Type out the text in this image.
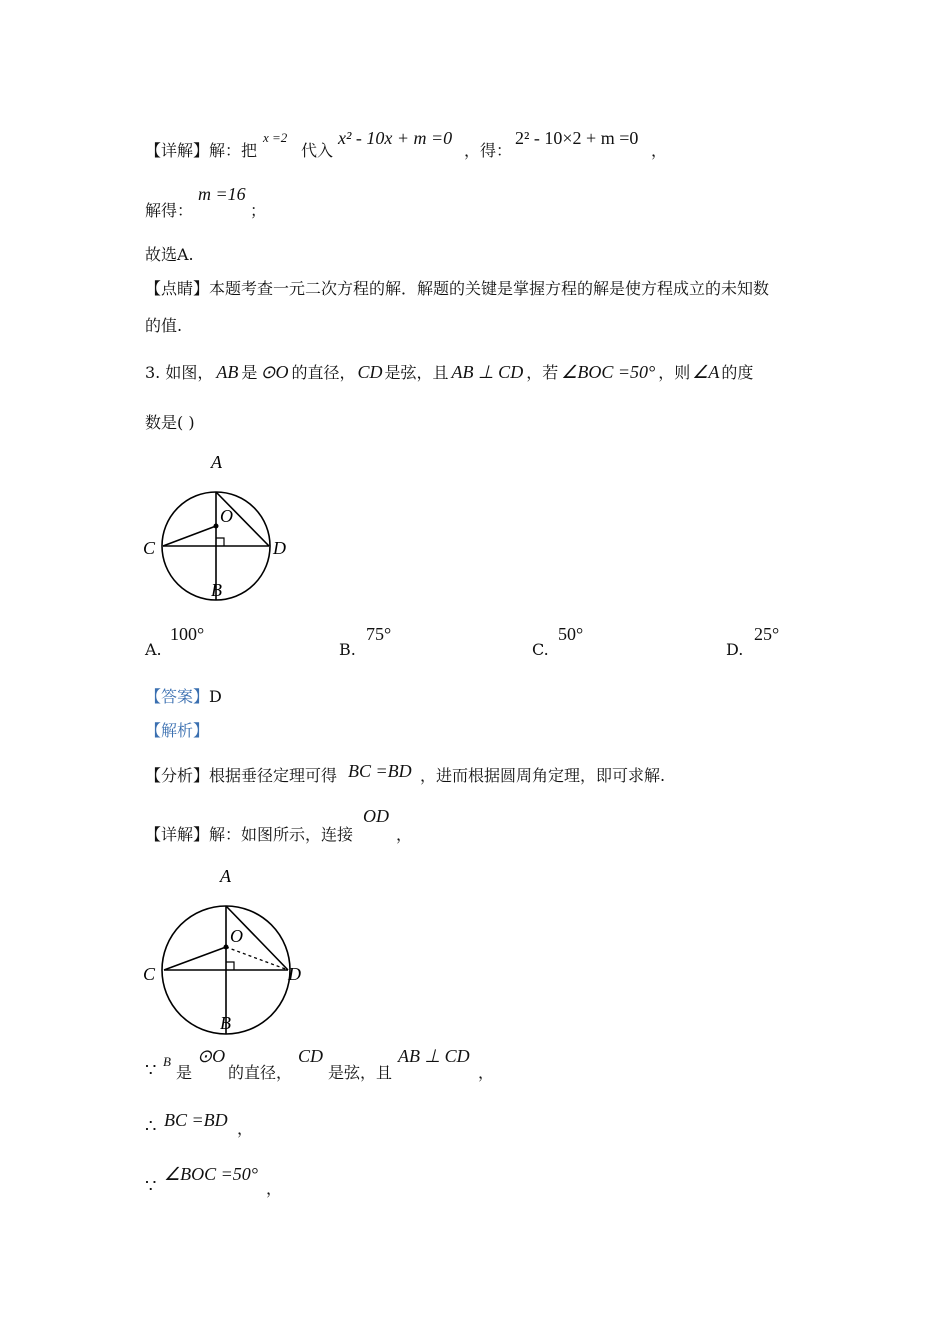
【详解】解：把
x =2
代入
x² - 10x + m =0
，得：
2² - 10×2 + m =0
，
解得：
m =16
；
故选A.
【点睛】本题考查一元二次方程的解．解题的关键是掌握方程的解是使方程成立的未知数
的值.
3. 如图， AB 是 ⊙O 的直径， CD 是弦，且 AB ⊥ CD ，若 ∠BOC =50° ，则 ∠A 的度
数是( )
A
O
C	D
B
A.
100°
B.
75°
C.
50°
D.
25°
【答案】D
【解析】
【分析】根据垂径定理可得 BC =BD ，进而根据圆周角定理，即可求解.
【详解】解：如图所示，连接
OD
，
A
O
C	D
B
∵ B
是
⊙O
的直径，
CD
是弦，且
AB ⊥ CD
，
∴ BC =BD ，
∵
∠BOC =50°
，
